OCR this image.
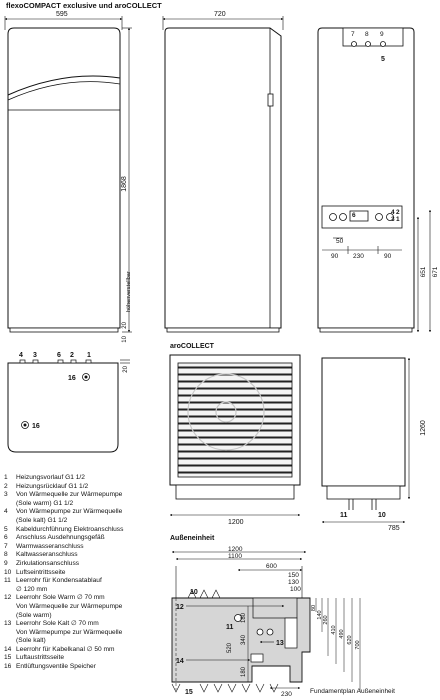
flexoCOMPACT exclusive und aroCOLLECT
595
1868
10
20
höhenverstellbar
720
7 8 9
5
6	4
3
2
1
50
90 230	90
651 671
4 3	6 2 1
20
16
16
aroCOLLECT
1200
Außeneinheit
11	10
1260
785
1200
1100
600
150
130
100
180
340
520
180
80
140
260
410 490
620
700
10
12
11
13
14
15	230	Fundamentplan Außeneinheit
1	Heizungsvorlauf G1 1/2
2	Heizungsrücklauf G1 1/2
3	Von Wärmequelle zur Wärmepumpe
(Sole warm) G1 1/2
4	Von Wärmepumpe zur Wärmequelle
(Sole kalt) G1 1/2
5	Kabeldurchführung Elektroanschluss
6	Anschluss Ausdehnungsgefäß
7	Warmwasseranschluss
8	Kaltwasseranschluss
9	Zirkulationsanschluss
10 Luftseintrittsseite
11 Leerrohr für Kondensatablauf
∅ 120 mm
12 Leerrohr Sole Warm ∅ 70 mm
Von Wärmequelle zur Wärmepumpe
(Sole warm)
13 Leerrohr Sole Kalt ∅ 70 mm
Von Wärmepumpe zur Wärmequelle
(Sole kalt)
14 Leerrohr für Kabelkanal ∅ 50 mm
15 Luftaustrittsseite
16 Entlüftungsventile Speicher
